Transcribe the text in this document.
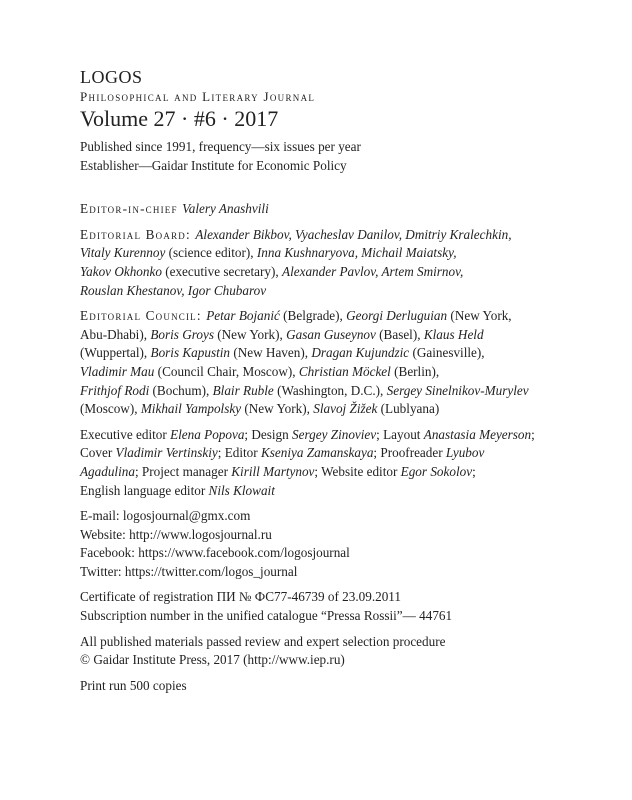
LOGOS
Philosophical and Literary Journal
Volume 27 · #6 · 2017
Published since 1991, frequency—six issues per year
Establisher—Gaidar Institute for Economic Policy
Editor-in-chief Valery Anashvili
Editorial Board: Alexander Bikbov, Vyacheslav Danilov, Dmitriy Kralechkin,
Vitaly Kurennoy (science editor), Inna Kushnaryova, Michail Maiatsky,
Yakov Okhonko (executive secretary), Alexander Pavlov, Artem Smirnov,
Rouslan Khestanov, Igor Chubarov
Editorial Council: Petar Bojanić (Belgrade), Georgi Derluguian (New York,
Abu-Dhabi), Boris Groys (New York), Gasan Guseynov (Basel), Klaus Held
(Wuppertal), Boris Kapustin (New Haven), Dragan Kujundzic (Gainesville),
Vladimir Mau (Council Chair, Moscow), Christian Möckel (Berlin),
Frithjof Rodi (Bochum), Blair Ruble (Washington, D.C.), Sergey Sinelnikov-Murylev
(Moscow), Mikhail Yampolsky (New York), Slavoj Žižek (Lublyana)
Executive editor Elena Popova; Design Sergey Zinoviev; Layout Anastasia Meyerson;
Cover Vladimir Vertinskiy; Editor Kseniya Zamanskaya; Proofreader Lyubov
Agadulina; Project manager Kirill Martynov; Website editor Egor Sokolov;
English language editor Nils Klowait
E-mail: logosjournal@gmx.com
Website: http://www.logosjournal.ru
Facebook: https://www.facebook.com/logosjournal
Twitter: https://twitter.com/logos_journal
Certificate of registration ПИ № ФС77-46739 of 23.09.2011
Subscription number in the unified catalogue “Pressa Rossii”— 44761
All published materials passed review and expert selection procedure
© Gaidar Institute Press, 2017 (http://www.iep.ru)
Print run 500 copies
